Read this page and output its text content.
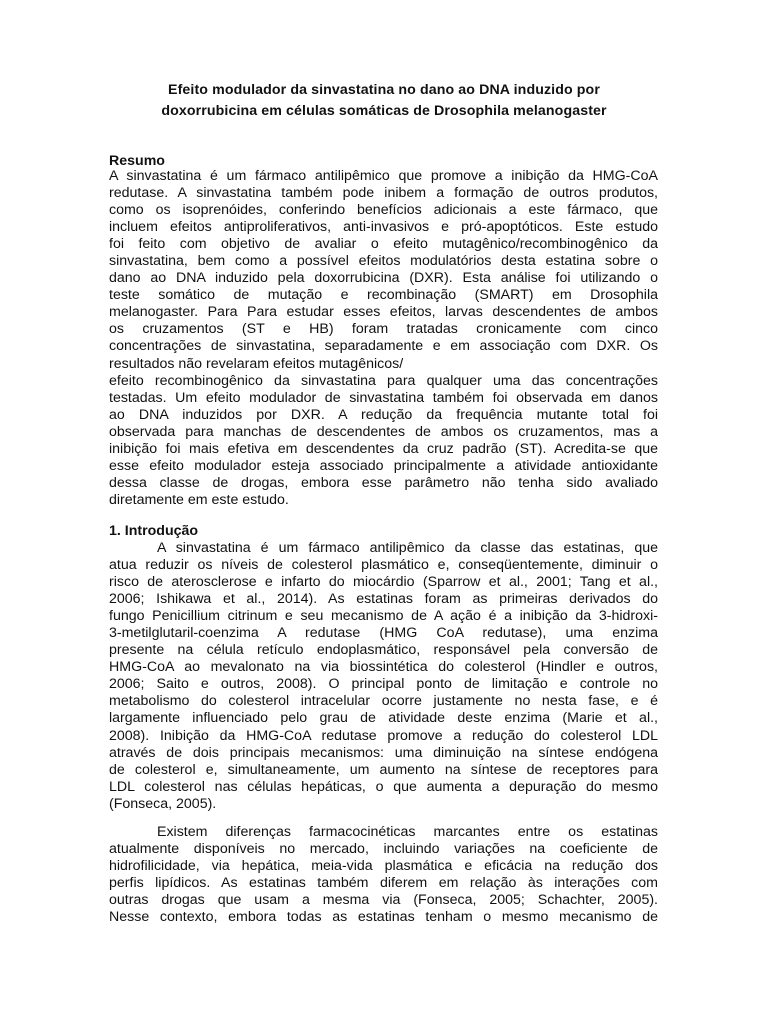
Efeito modulador da sinvastatina no dano ao DNA induzido por
doxorrubicina em células somáticas de Drosophila melanogaster
Resumo
A sinvastatina é um fármaco antilipêmico que promove a inibição da HMG-CoA
redutase. A sinvastatina também pode inibem a formação de outros produtos,
como os isoprenóides, conferindo benefícios adicionais a este fármaco, que
incluem efeitos antiproliferativos, anti-invasivos e pró-apoptóticos. Este estudo
foi feito com objetivo de avaliar o efeito mutagênico/recombinogênico da
sinvastatina, bem como a possível efeitos modulatórios desta estatina sobre o
dano ao DNA induzido pela doxorrubicina (DXR). Esta análise foi utilizando o
teste somático de mutação e recombinação (SMART) em Drosophila
melanogaster. Para Para estudar esses efeitos, larvas descendentes de ambos
os cruzamentos (ST e HB) foram tratadas cronicamente com cinco
concentrações de sinvastatina, separadamente e em associação com DXR. Os
resultados não revelaram efeitos mutagênicos/
efeito recombinogênico da sinvastatina para qualquer uma das concentrações
testadas. Um efeito modulador de sinvastatina também foi observada em danos
ao DNA induzidos por DXR. A redução da frequência mutante total foi
observada para manchas de descendentes de ambos os cruzamentos, mas a
inibição foi mais efetiva em descendentes da cruz padrão (ST). Acredita-se que
esse efeito modulador esteja associado principalmente a atividade antioxidante
dessa classe de drogas, embora esse parâmetro não tenha sido avaliado
diretamente em este estudo.
1. Introdução
A sinvastatina é um fármaco antilipêmico da classe das estatinas, que
atua reduzir os níveis de colesterol plasmático e, conseqüentemente, diminuir o
risco de aterosclerose e infarto do miocárdio (Sparrow et al., 2001; Tang et al.,
2006; Ishikawa et al., 2014). As estatinas foram as primeiras derivados do
fungo Penicillium citrinum e seu mecanismo de A ação é a inibição da 3-hidroxi-
3-metilglutaril-coenzima A redutase (HMG CoA redutase), uma enzima
presente na célula retículo endoplasmático, responsável pela conversão de
HMG-CoA ao mevalonato na via biossintética do colesterol (Hindler e outros,
2006; Saito e outros, 2008). O principal ponto de limitação e controle no
metabolismo do colesterol intracelular ocorre justamente no nesta fase, e é
largamente influenciado pelo grau de atividade deste enzima (Marie et al.,
2008). Inibição da HMG-CoA redutase promove a redução do colesterol LDL
através de dois principais mecanismos: uma diminuição na síntese endógena
de colesterol e, simultaneamente, um aumento na síntese de receptores para
LDL colesterol nas células hepáticas, o que aumenta a depuração do mesmo
(Fonseca, 2005).
Existem diferenças farmacocinéticas marcantes entre os estatinas
atualmente disponíveis no mercado, incluindo variações na coeficiente de
hidrofilicidade, via hepática, meia-vida plasmática e eficácia na redução dos
perfis lipídicos. As estatinas também diferem em relação às interações com
outras drogas que usam a mesma via (Fonseca, 2005; Schachter, 2005).
Nesse contexto, embora todas as estatinas tenham o mesmo mecanismo de
